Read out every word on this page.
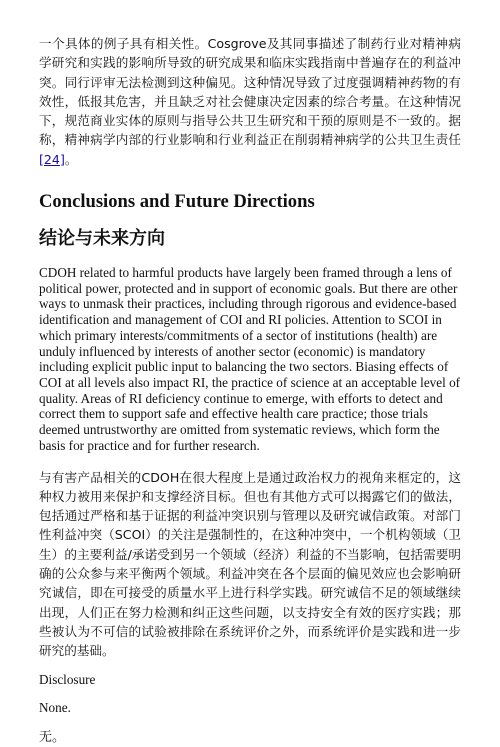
一个具体的例子具有相关性。Cosgrove及其同事描述了制药行业对精神病学研究和实践的影响所导致的研究成果和临床实践指南中普遍存在的利益冲突。同行评审无法检测到这种偏见。这种情况导致了过度强调精神药物的有效性，低报其危害，并且缺乏对社会健康决定因素的综合考量。在这种情况下，规范商业实体的原则与指导公共卫生研究和干预的原则是不一致的。据称，精神病学内部的行业影响和行业利益正在削弱精神病学的公共卫生责任[24]。

Conclusions and Future Directions
结论与未来方向

CDOH related to harmful products have largely been framed through a lens of political power, protected and in support of economic goals. But there are other ways to unmask their practices, including through rigorous and evidence-based identification and management of COI and RI policies. Attention to SCOI in which primary interests/commitments of a sector of institutions (health) are unduly influenced by interests of another sector (economic) is mandatory including explicit public input to balancing the two sectors. Biasing effects of COI at all levels also impact RI, the practice of science at an acceptable level of quality. Areas of RI deficiency continue to emerge, with efforts to detect and correct them to support safe and effective health care practice; those trials deemed untrustworthy are omitted from systematic reviews, which form the basis for practice and for further research.

与有害产品相关的CDOH在很大程度上是通过政治权力的视角来框定的，这种权力被用来保护和支撑经济目标。但也有其他方式可以揭露它们的做法，包括通过严格和基于证据的利益冲突识别与管理以及研究诚信政策。对部门性利益冲突（SCOI）的关注是强制性的，在这种冲突中，一个机构领域（卫生）的主要利益/承诺受到另一个领域（经济）利益的不当影响，包括需要明确的公众参与来平衡两个领域。利益冲突在各个层面的偏见效应也会影响研究诚信，即在可接受的质量水平上进行科学实践。研究诚信不足的领域继续出现，人们正在努力检测和纠正这些问题，以支持安全有效的医疗实践；那些被认为不可信的试验被排除在系统评价之外，而系统评价是实践和进一步研究的基础。

Disclosure

None.

无。
